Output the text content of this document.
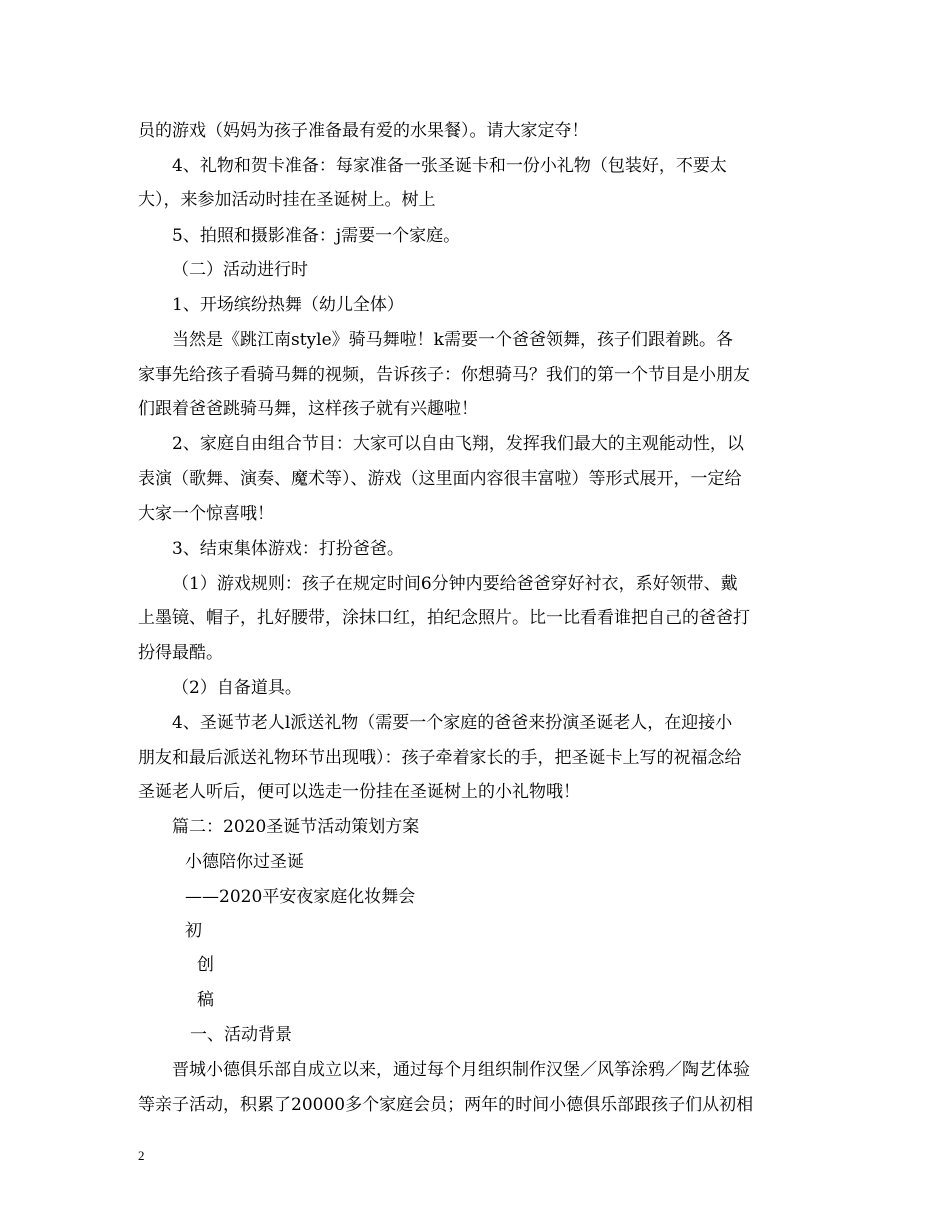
员的游戏（妈妈为孩子准备最有爱的水果餐）。请大家定夺！
4、礼物和贺卡准备：每家准备一张圣诞卡和一份小礼物（包装好，不要太
大），来参加活动时挂在圣诞树上。树上
5、拍照和摄影准备：j需要一个家庭。
（二）活动进行时
1、开场缤纷热舞（幼儿全体）
当然是《跳江南style》骑马舞啦！k需要一个爸爸领舞，孩子们跟着跳。各
家事先给孩子看骑马舞的视频，告诉孩子：你想骑马？我们的第一个节目是小朋友
们跟着爸爸跳骑马舞，这样孩子就有兴趣啦！
2、家庭自由组合节目：大家可以自由飞翔，发挥我们最大的主观能动性，以
表演（歌舞、演奏、魔术等）、游戏（这里面内容很丰富啦）等形式展开，一定给
大家一个惊喜哦！
3、结束集体游戏：打扮爸爸。
（1）游戏规则：孩子在规定时间6分钟内要给爸爸穿好衬衣，系好领带、戴
上墨镜、帽子，扎好腰带，涂抹口红，拍纪念照片。比一比看看谁把自己的爸爸打
扮得最酷。
（2）自备道具。
4、圣诞节老人l派送礼物（需要一个家庭的爸爸来扮演圣诞老人，在迎接小
朋友和最后派送礼物环节出现哦）：孩子牵着家长的手，把圣诞卡上写的祝福念给
圣诞老人听后，便可以选走一份挂在圣诞树上的小礼物哦！
篇二：2020圣诞节活动策划方案
小德陪你过圣诞
——2020平安夜家庭化妆舞会
初
创
稿
一、活动背景
晋城小德俱乐部自成立以来，通过每个月组织制作汉堡／风筝涂鸦／陶艺体验
等亲子活动，积累了20000多个家庭会员；两年的时间小德俱乐部跟孩子们从初相
2
